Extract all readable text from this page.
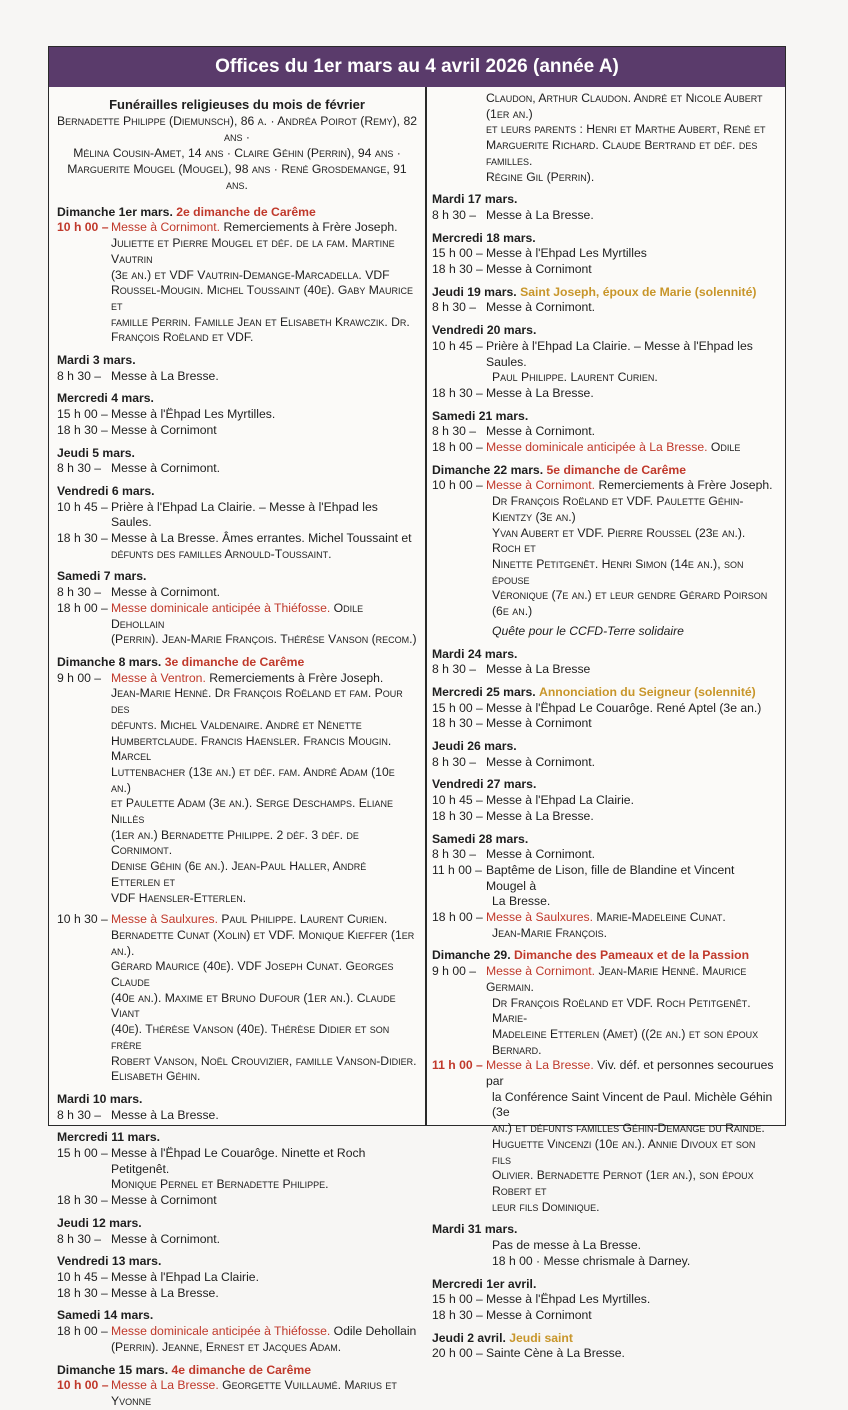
Offices du 1er mars au 4 avril 2026 (année A)
Funérailles religieuses du mois de février
Bernadette Philippe (Diemunsch), 86 a. · Andréa Poirot (Remy), 82 ans ·
Mélina Cousin-Amet, 14 ans · Claire Géhin (Perrin), 94 ans ·
Marguerite Mougel (Mougel), 98 ans · René Grosdemange, 91 ans.
Dimanche 1er mars. 2e dimanche de Carême
10 h 00 – Messe à Cornimont. Remerciements à Frère Joseph.
Juliette et Pierre Mougel et déf. de la fam. Martine Vautrin
(3e an.) et VDF Vautrin-Demange-Marcadella. VDF
Roussel-Mougin. Michel Toussaint (40e). Gaby Maurice et
famille Perrin. Famille Jean et Elisabeth Krawczik. Dr.
François Roëland et VDF.
Mardi 3 mars.
8 h 30 – Messe à La Bresse.
Mercredi 4 mars.
15 h 00 – Messe à l'Ëhpad Les Myrtilles.
18 h 30 – Messe à Cornimont
Jeudi 5 mars.
8 h 30 – Messe à Cornimont.
Vendredi 6 mars.
10 h 45 – Prière à l'Ehpad La Clairie. – Messe à l'Ehpad les Saules.
18 h 30 – Messe à La Bresse. Âmes errantes. Michel Toussaint et
défunts des familles Arnould-Toussaint.
Samedi 7 mars.
8 h 30 – Messe à Cornimont.
18 h 00 – Messe dominicale anticipée à Thiéfosse. Odile Dehollain
(Perrin). Jean-Marie François. Thérèse Vanson (recom.)
Dimanche 8 mars. 3e dimanche de Carême
9 h 00 – Messe à Ventron. Remerciements à Frère Joseph.
Jean-Marie Henné. Dr François Roëland et fam. Pour des
défunts. Michel Valdenaire. André et Nénette
Humbertclaude. Francis Haensler. Francis Mougin. Marcel
Luttenbacher (13e an.) et déf. fam. André Adam (10e an.)
et Paulette Adam (3e an.). Serge Deschamps. Eliane Nillès
(1er an.) Bernadette Philippe. 2 déf. 3 déf. de Cornimont.
Denise Géhin (6e an.). Jean-Paul Haller, André Etterlen et
VDF Haensler-Etterlen.
10 h 30 – Messe à Saulxures. Paul Philippe. Laurent Curien.
Bernadette Cunat (Xolin) et VDF. Monique Kieffer (1er an.).
Gérard Maurice (40e). VDF Joseph Cunat. Georges Claude
(40e an.). Maxime et Bruno Dufour (1er an.). Claude Viant
(40e). Thérèse Vanson (40e). Thérèse Didier et son frère
Robert Vanson, Noël Crouvizier, famille Vanson-Didier.
Elisabeth Géhin.
Mardi 10 mars.
8 h 30 – Messe à La Bresse.
Mercredi 11 mars.
15 h 00 – Messe à l'Ëhpad Le Couarôge. Ninette et Roch Petitgenêt.
Monique Pernel et Bernadette Philippe.
18 h 30 – Messe à Cornimont
Jeudi 12 mars.
8 h 30 – Messe à Cornimont.
Vendredi 13 mars.
10 h 45 – Messe à l'Ehpad La Clairie.
18 h 30 – Messe à La Bresse.
Samedi 14 mars.
18 h 00 – Messe dominicale anticipée à Thiéfosse. Odile Dehollain
(Perrin). Jeanne, Ernest et Jacques Adam.
Dimanche 15 mars. 4e dimanche de Carême
10 h 00 – Messe à La Bresse. Georgette Vuillaumé. Marius et Yvonne
Claudon, Arthur Claudon. André et Nicole Aubert (1er an.)
et leurs parents : Henri et Marthe Aubert, René et
Marguerite Richard. Claude Bertrand et déf. des familles.
Régine Gil (Perrin).
Mardi 17 mars.
8 h 30 – Messe à La Bresse.
Mercredi 18 mars.
15 h 00 – Messe à l'Ehpad Les Myrtilles
18 h 30 – Messe à Cornimont
Jeudi 19 mars. Saint Joseph, époux de Marie (solennité)
8 h 30 – Messe à Cornimont.
Vendredi 20 mars.
10 h 45 – Prière à l'Ehpad La Clairie. – Messe à l'Ehpad les Saules.
Paul Philippe. Laurent Curien.
18 h 30 – Messe à La Bresse.
Samedi 21 mars.
8 h 30 – Messe à Cornimont.
18 h 00 – Messe dominicale anticipée à La Bresse. Odile
Dimanche 22 mars. 5e dimanche de Carême
10 h 00 – Messe à Cornimont. Remerciements à Frère Joseph.
Dr François Roëland et VDF. Paulette Géhin-Kientzy (3e an.)
Yvan Aubert et VDF. Pierre Roussel (23e an.). Roch et
Ninette Petitgenêt. Henri Simon (14e an.), son épouse
Véronique (7e an.) et leur gendre Gérard Poirson (6e an.)
Quête pour le CCFD-Terre solidaire
Mardi 24 mars.
8 h 30 – Messe à La Bresse
Mercredi 25 mars. Annonciation du Seigneur (solennité)
15 h 00 – Messe à l'Ëhpad Le Couarôge. René Aptel (3e an.)
18 h 30 – Messe à Cornimont
Jeudi 26 mars.
8 h 30 – Messe à Cornimont.
Vendredi 27 mars.
10 h 45 – Messe à l'Ehpad La Clairie.
18 h 30 – Messe à La Bresse.
Samedi 28 mars.
8 h 30 – Messe à Cornimont.
11 h 00 – Baptême de Lison, fille de Blandine et Vincent Mougel à
La Bresse.
18 h 00 – Messe à Saulxures. Marie-Madeleine Cunat.
Jean-Marie François.
Dimanche 29. Dimanche des Pameaux et de la Passion
9 h 00 – Messe à Cornimont. Jean-Marie Henné. Maurice Germain.
Dr François Roëland et VDF. Roch Petitgenêt. Marie-
Madeleine Etterlen (Amet) ((2e an.) et son époux Bernard.
11 h 00 – Messe à La Bresse. Viv. déf. et personnes secourues par
la Conférence Saint Vincent de Paul. Michèle Géhin (3e
an.) et défunts familles Géhin-Demange du Rainde.
Huguette Vincenzi (10e an.). Annie Divoux et son fils
Olivier. Bernadette Pernot (1er an.), son époux Robert et
leur fils Dominique.
Mardi 31 mars.
Pas de messe à La Bresse.
18 h 00 · Messe chrismale à Darney.
Mercredi 1er avril.
15 h 00 – Messe à l'Ëhpad Les Myrtilles.
18 h 30 – Messe à Cornimont
Jeudi 2 avril. Jeudi saint
20 h 00 – Sainte Cène à La Bresse.
